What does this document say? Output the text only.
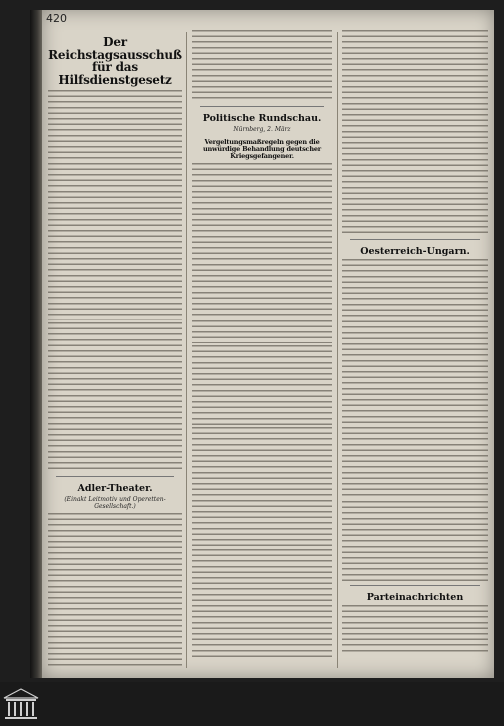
420
Der Reichstagsausschuß für das
Hilfsdienstgesetz
Adler-Theater.
(Einakt Leitmotiv und Operetten-Gesellschaft.)
Politische Rundschau.
Nürnberg, 2. März
Vergeltungsmaßregeln gegen die unwürdige Behandlung deutscher Kriegsgefangener.
Oesterreich-Ungarn.
Parteinachrichten
